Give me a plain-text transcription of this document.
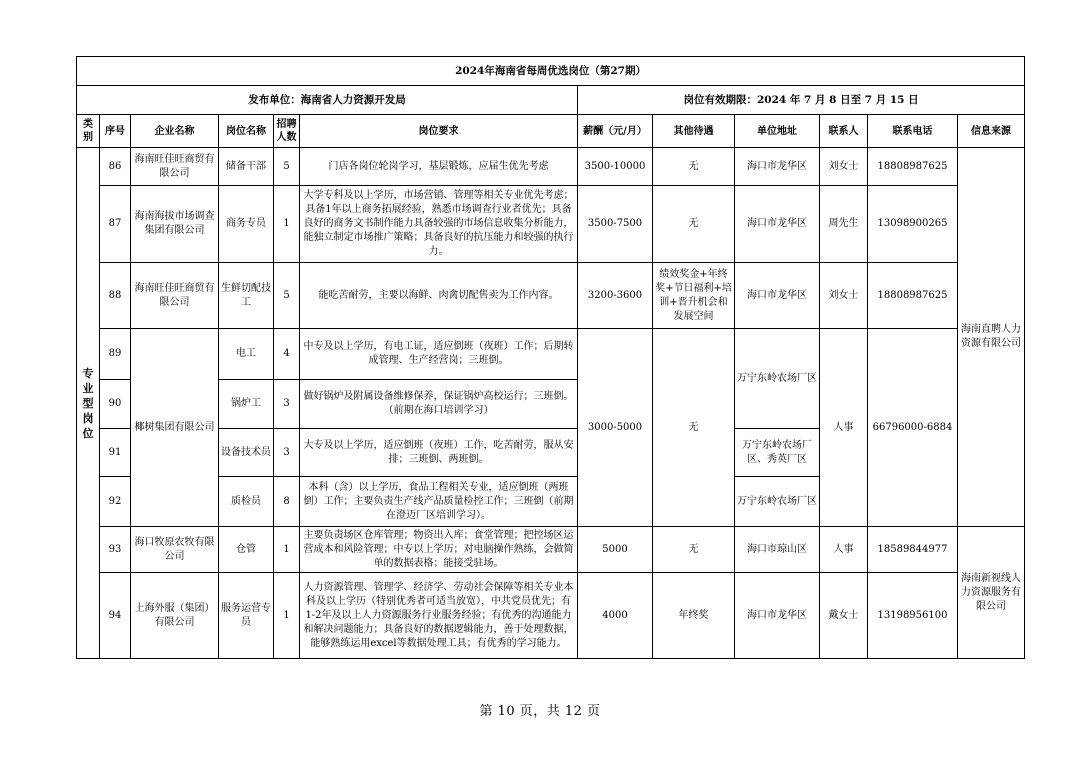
2024年海南省每周优选岗位（第27期）											
发布单位：海南省人力资源开发局						岗位有效期限：2024 年 7 月 8 日至 7 月 15 日					
类别	序号	企业名称	岗位名称	招聘人数	岗位要求	薪酬（元/月）	其他待遇	单位地址	联系人	联系电话	信息来源
专业型岗位	86	海南旺佳旺商贸有限公司	储备干部	5	门店各岗位轮岗学习，基层锻炼，应届生优先考虑	3500-10000	无	海口市龙华区	刘女士	18808987625	海南直聘人力资源有限公司
	87	海南海拔市场调查集团有限公司	商务专员	1	大学专科及以上学历，市场营销、管理等相关专业优先考虑；具备1年以上商务拓展经验，熟悉市场调查行业者优先；具备良好的商务文书制作能力具备较强的市场信息收集分析能力，能独立制定市场推广策略；具备良好的抗压能力和较强的执行力。	3500-7500	无	海口市龙华区	周先生	13098900265	
	88	海南旺佳旺商贸有限公司	生鲜切配技工	5	能吃苦耐劳，主要以海鲜、肉禽切配售卖为工作内容。	3200-3600	绩效奖金+年终奖+节日福利+培训+晋升机会和发展空间	海口市龙华区	刘女士	18808987625	
	89	椰树集团有限公司	电工	4	中专及以上学历，有电工证，适应倒班（夜班）工作；后期转成管理、生产经营岗；三班倒。	3000-5000	无	万宁东岭农场厂区	人事	66796000-6884	
	90		锅炉工	3	做好锅炉及附属设备维修保养，保证锅炉高校运行；三班倒。（前期在海口培训学习）						
	91		设备技术员	3	大专及以上学历，适应倒班（夜班）工作，吃苦耐劳，服从安排；三班倒、两班倒。			万宁东岭农场厂区、秀英厂区			
	92		质检员	8	本科（含）以上学历，食品工程相关专业，适应倒班（两班倒）工作；主要负责生产线产品质量检控工作；三班倒（前期在澄迈厂区培训学习）。			万宁东岭农场厂区			
	93	海口牧原农牧有限公司	仓管	1	主要负责场区仓库管理；物资出入库；食堂管理；把控场区运营成本和风险管理；中专以上学历；对电脑操作熟练，会做简单的数据表格；能接受驻场。	5000	无	海口市琼山区	人事	18589844977	海南新视线人力资源服务有限公司
	94	上海外服（集团）有限公司	服务运营专员	1	人力资源管理、管理学、经济学、劳动社会保障等相关专业本科及以上学历（特别优秀者可适当放宽），中共党员优先；有1-2年及以上人力资源服务行业服务经验；有优秀的沟通能力和解决问题能力；具备良好的数据逻辑能力，善于处理数据，能够熟练运用excel等数据处理工具；有优秀的学习能力。	4000	年终奖	海口市龙华区	戴女士	13198956100	
第 10 页，共 12 页
